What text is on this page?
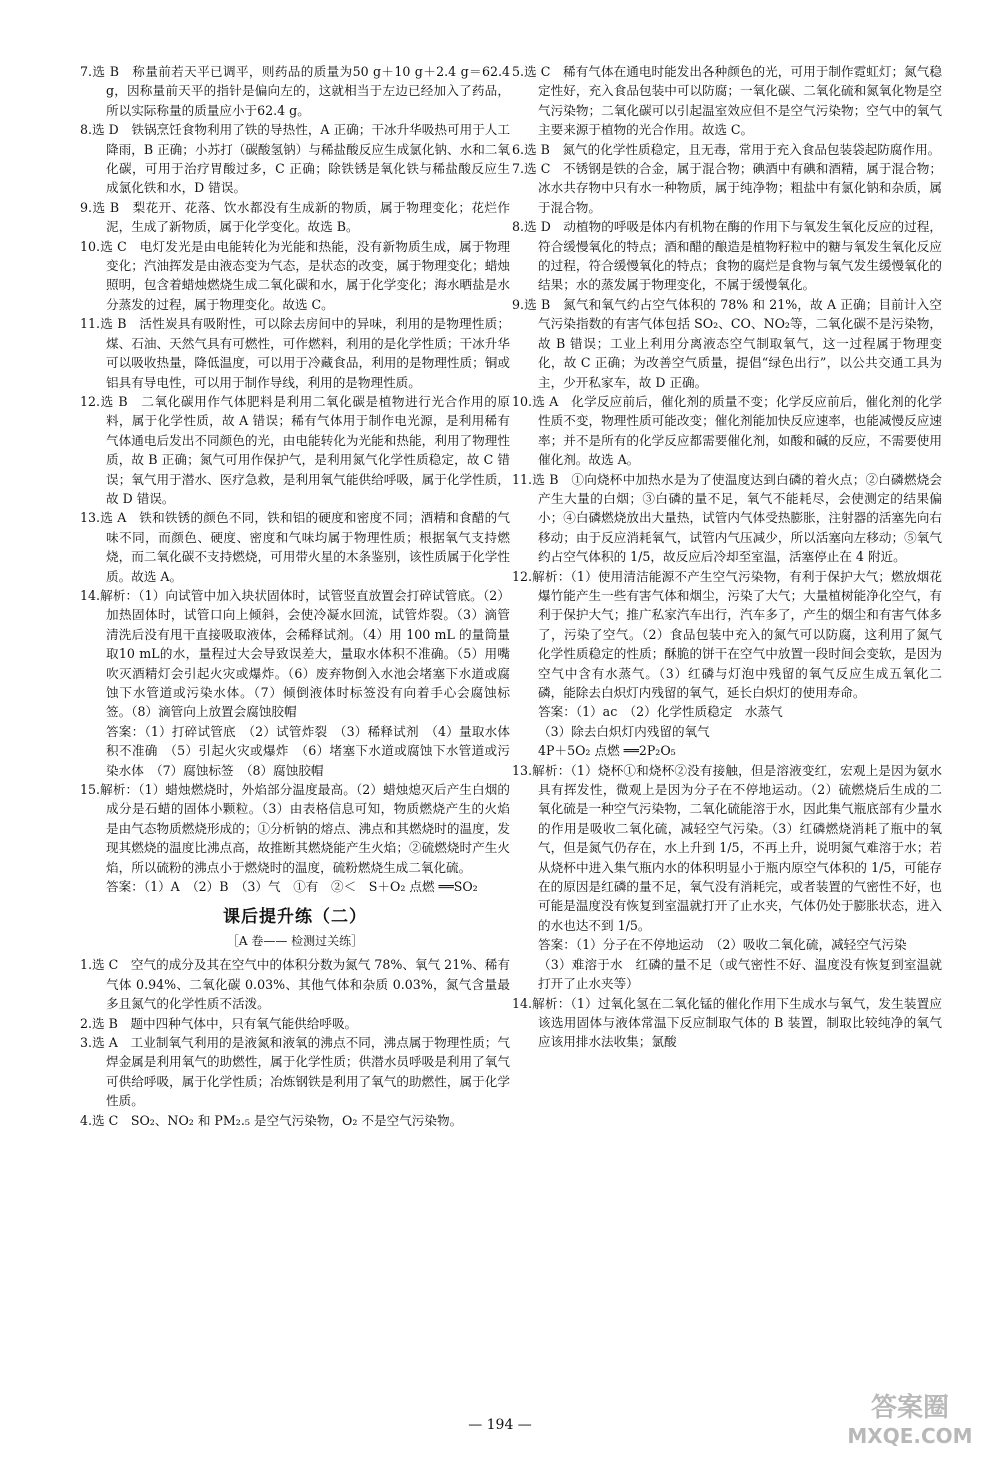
7.选 B　称量前若天平已调平，则药品的质量为50 g＋10 g＋2.4 g＝62.4 g，因称量前天平的指针是偏向左的，这就相当于左边已经加入了药品，所以实际称量的质量应小于62.4 g。

8.选 D　铁锅烹饪食物利用了铁的导热性，A 正确；干冰升华吸热可用于人工降雨，B 正确；小苏打（碳酸氢钠）与稀盐酸反应生成氯化钠、水和二氧化碳，可用于治疗胃酸过多，C 正确；除铁锈是氧化铁与稀盐酸反应生成氯化铁和水，D 错误。

9.选 B　梨花开、花落、饮水都没有生成新的物质，属于物理变化；花烂作泥，生成了新物质，属于化学变化。故选 B。

10.选 C　电灯发光是由电能转化为光能和热能，没有新物质生成，属于物理变化；汽油挥发是由液态变为气态，是状态的改变，属于物理变化；蜡烛照明，包含着蜡烛燃烧生成二氧化碳和水，属于化学变化；海水晒盐是水分蒸发的过程，属于物理变化。故选 C。

11.选 B　活性炭具有吸附性，可以除去房间中的异味，利用的是物理性质；煤、石油、天然气具有可燃性，可作燃料，利用的是化学性质；干冰升华可以吸收热量，降低温度，可以用于冷藏食品，利用的是物理性质；铜或铝具有导电性，可以用于制作导线，利用的是物理性质。

12.选 B　二氧化碳用作气体肥料是利用二氧化碳是植物进行光合作用的原料，属于化学性质，故 A 错误；稀有气体用于制作电光源，是利用稀有气体通电后发出不同颜色的光，由电能转化为光能和热能，利用了物理性质，故 B 正确；氮气可用作保护气，是利用氮气化学性质稳定，故 C 错误；氧气用于潜水、医疗急救，是利用氧气能供给呼吸，属于化学性质，故 D 错误。

13.选 A　铁和铁锈的颜色不同，铁和铝的硬度和密度不同；酒精和食醋的气味不同，而颜色、硬度、密度和气味均属于物理性质；根据氧气支持燃烧，而二氧化碳不支持燃烧，可用带火星的木条鉴别，该性质属于化学性质。故选 A。

14.解析：（1）向试管中加入块状固体时，试管竖直放置会打碎试管底。（2）加热固体时，试管口向上倾斜，会使冷凝水回流，试管炸裂。（3）滴管清洗后没有甩干直接吸取液体，会稀释试剂。（4）用 100 mL 的量筒量取10 mL的水，量程过大会导致误差大，量取水体积不准确。（5）用嘴吹灭酒精灯会引起火灾或爆炸。（6）废弃物倒入水池会堵塞下水道或腐蚀下水管道或污染水体。（7）倾倒液体时标签没有向着手心会腐蚀标签。（8）滴管向上放置会腐蚀胶帽

答案：（1）打碎试管底　（2）试管炸裂　（3）稀释试剂　（4）量取水体积不准确　（5）引起火灾或爆炸　（6）堵塞下水道或腐蚀下水管道或污染水体　（7）腐蚀标签　（8）腐蚀胶帽

15.解析：（1）蜡烛燃烧时，外焰部分温度最高。（2）蜡烛熄灭后产生白烟的成分是石蜡的固体小颗粒。（3）由表格信息可知，物质燃烧产生的火焰是由气态物质燃烧形成的；①分析钠的熔点、沸点和其燃烧时的温度，发现其燃烧的温度比沸点高，故推断其燃烧能产生火焰；②硫燃烧时产生火焰，所以硫粉的沸点小于燃烧时的温度，硫粉燃烧生成二氧化硫。

答案：（1）A　（2）B　（3）气　①有　②＜　S＋O₂ 点燃 ══SO₂

课后提升练（二）
［A 卷—— 检测过关练］

1.选 C　空气的成分及其在空气中的体积分数为氮气 78%、氧气 21%、稀有气体 0.94%、二氧化碳 0.03%、其他气体和杂质 0.03%，氮气含量最多且氮气的化学性质不活泼。

2.选 B　题中四种气体中，只有氧气能供给呼吸。

3.选 A　工业制氧气利用的是液氮和液氧的沸点不同，沸点属于物理性质；气焊金属是利用氧气的助燃性，属于化学性质；供潜水员呼吸是利用了氧气可供给呼吸，属于化学性质；冶炼钢铁是利用了氧气的助燃性，属于化学性质。

4.选 C　SO₂、NO₂ 和 PM₂.₅ 是空气污染物，O₂ 不是空气污染物。

5.选 C　稀有气体在通电时能发出各种颜色的光，可用于制作霓虹灯；氮气稳定性好，充入食品包装中可以防腐；一氧化碳、二氧化硫和氮氧化物是空气污染物；二氧化碳可以引起温室效应但不是空气污染物；空气中的氧气主要来源于植物的光合作用。故选 C。

6.选 B　氮气的化学性质稳定，且无毒，常用于充入食品包装袋起防腐作用。

7.选 C　不锈钢是铁的合金，属于混合物；碘酒中有碘和酒精，属于混合物；冰水共存物中只有水一种物质，属于纯净物；粗盐中有氯化钠和杂质，属于混合物。

8.选 D　动植物的呼吸是体内有机物在酶的作用下与氧发生氧化反应的过程，符合缓慢氧化的特点；酒和醋的酿造是植物籽粒中的糖与氧发生氧化反应的过程，符合缓慢氧化的特点；食物的腐烂是食物与氧气发生缓慢氧化的结果；水的蒸发属于物理变化，不属于缓慢氧化。

9.选 B　氮气和氧气约占空气体积的 78% 和 21%，故 A 正确；目前计入空气污染指数的有害气体包括 SO₂、CO、NO₂等，二氧化碳不是污染物，故 B 错误；工业上利用分离液态空气制取氧气，这一过程属于物理变化，故 C 正确；为改善空气质量，提倡“绿色出行”，以公共交通工具为主，少开私家车，故 D 正确。

10.选 A　化学反应前后，催化剂的质量不变；化学反应前后，催化剂的化学性质不变，物理性质可能改变；催化剂能加快反应速率，也能减慢反应速率；并不是所有的化学反应都需要催化剂，如酸和碱的反应，不需要使用催化剂。故选 A。

11.选 B　①向烧杯中加热水是为了使温度达到白磷的着火点；②白磷燃烧会产生大量的白烟；③白磷的量不足，氧气不能耗尽，会使测定的结果偏小；④白磷燃烧放出大量热，试管内气体受热膨胀，注射器的活塞先向右移动；由于反应消耗氧气，试管内气压减少，所以活塞向左移动；⑤氧气约占空气体积的 1/5，故反应后冷却至室温，活塞停止在 4 附近。

12.解析：（1）使用清洁能源不产生空气污染物，有利于保护大气；燃放烟花爆竹能产生一些有害气体和烟尘，污染了大气；大量植树能净化空气，有利于保护大气；推广私家汽车出行，汽车多了，产生的烟尘和有害气体多了，污染了空气。（2）食品包装中充入的氮气可以防腐，这利用了氮气化学性质稳定的性质；酥脆的饼干在空气中放置一段时间会变软，是因为空气中含有水蒸气。（3）红磷与灯泡中残留的氧气反应生成五氧化二磷，能除去白炽灯内残留的氧气，延长白炽灯的使用寿命。

答案：（1）ac　（2）化学性质稳定　水蒸气

（3）除去白炽灯内残留的氧气

4P＋5O₂ 点燃 ══2P₂O₅

13.解析：（1）烧杯①和烧杯②没有接触，但是溶液变红，宏观上是因为氨水具有挥发性，微观上是因为分子在不停地运动。（2）硫燃烧后生成的二氧化硫是一种空气污染物，二氧化硫能溶于水，因此集气瓶底部有少量水的作用是吸收二氧化硫，减轻空气污染。（3）红磷燃烧消耗了瓶中的氧气，但是氮气仍存在，水上升到 1/5，不再上升，说明氮气难溶于水；若从烧杯中进入集气瓶内水的体积明显小于瓶内原空气体积的 1/5，可能存在的原因是红磷的量不足，氧气没有消耗完，或者装置的气密性不好，也可能是温度没有恢复到室温就打开了止水夹，气体仍处于膨胀状态，进入的水也达不到 1/5。

答案：（1）分子在不停地运动　（2）吸收二氧化硫，减轻空气污染

（3）难溶于水　红磷的量不足（或气密性不好、温度没有恢复到室温就打开了止水夹等）

14.解析：（1）过氧化氢在二氧化锰的催化作用下生成水与氧气，发生装置应该选用固体与液体常温下反应制取气体的 B 装置，制取比较纯净的氧气应该用排水法收集；氯酸

— 194 —
答案圈
MXQE.COM
